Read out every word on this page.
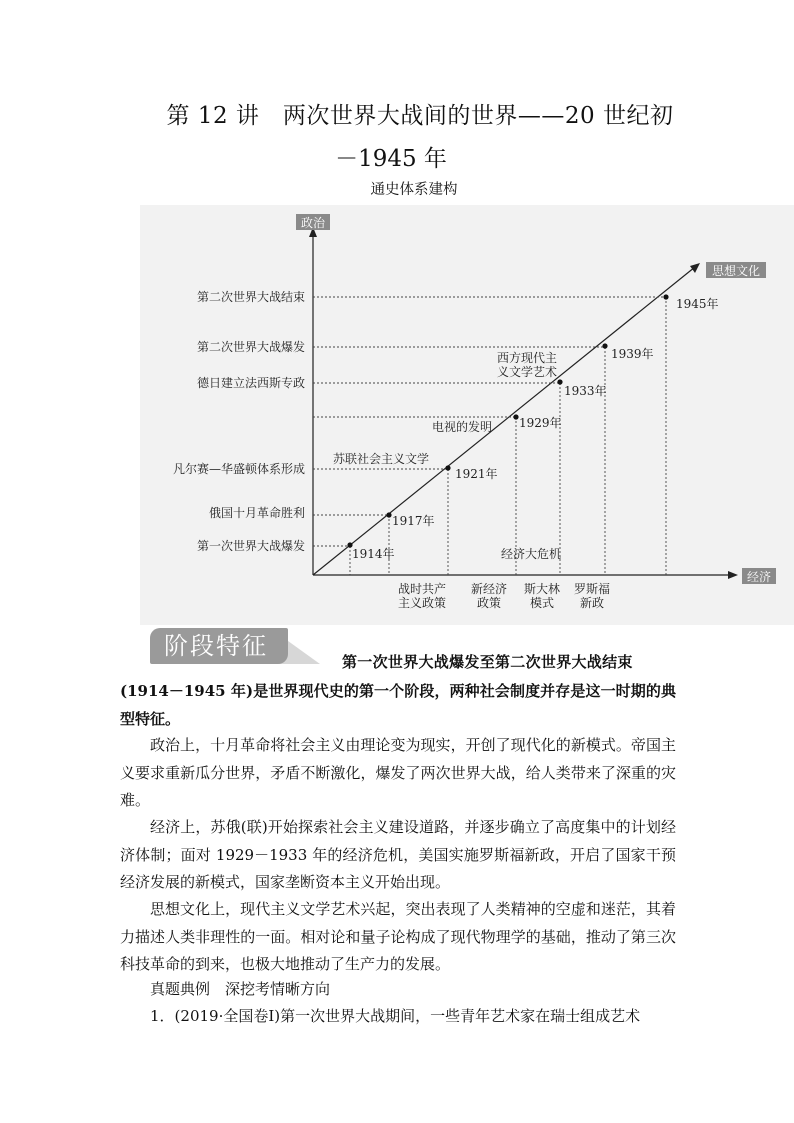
第 12 讲　两次世界大战间的世界——20 世纪初
－1945 年
通史体系建构
政治
思想文化
经济
1914年
1917年
1921年
1929年
1933年
1939年
1945年
第二次世界大战结束
第二次世界大战爆发
德日建立法西斯专政
凡尔赛—华盛顿体系形成
俄国十月革命胜利
第一次世界大战爆发
苏联社会主义文学
电视的发明
西方现代主
义文学艺术
经济大危机
战时共产
主义政策
新经济
政策
斯大林
模式
罗斯福
新政
阶段特征
第一次世界大战爆发至第二次世界大战结束
(1914－1945 年)是世界现代史的第一个阶段，两种社会制度并存是这一时期的典型特征。
政治上，十月革命将社会主义由理论变为现实，开创了现代化的新模式。帝国主义要求重新瓜分世界，矛盾不断激化，爆发了两次世界大战，给人类带来了深重的灾难。
经济上，苏俄(联)开始探索社会主义建设道路，并逐步确立了高度集中的计划经济体制；面对 1929－1933 年的经济危机，美国实施罗斯福新政，开启了国家干预经济发展的新模式，国家垄断资本主义开始出现。
思想文化上，现代主义文学艺术兴起，突出表现了人类精神的空虚和迷茫，其着力描述人类非理性的一面。相对论和量子论构成了现代物理学的基础，推动了第三次科技革命的到来，也极大地推动了生产力的发展。
真题典例　深挖考情晰方向
1．(2019·全国卷Ⅰ)第一次世界大战期间，一些青年艺术家在瑞士组成艺术
